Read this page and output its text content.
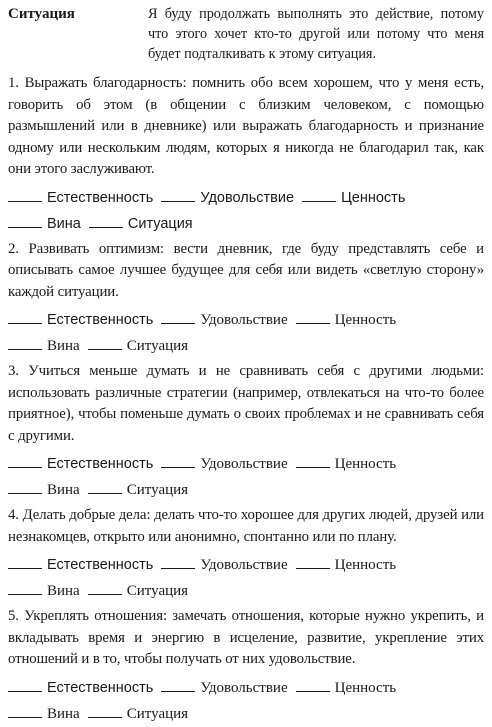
Ситуация	Я буду продолжать выполнять это действие, потому что этого хочет кто-то другой или потому что меня будет подталкивать к этому ситуация.

1. Выражать благодарность: помнить обо всем хорошем, что у меня есть, говорить об этом (в общении с близким человеком, с помощью размышлений или в дневнике) или выражать благодарность и признание одному или нескольким людям, которых я никогда не благодарил так, как они этого заслуживают.

Естественность	Удовольствие	Ценность
Вина	Ситуация

2. Развивать оптимизм: вести дневник, где буду представлять себе и описывать самое лучшее будущее для себя или видеть «светлую сторону» каждой ситуации.

Естественность	Удовольствие	Ценность
Вина	Ситуация

3. Учиться меньше думать и не сравнивать себя с другими людьми: использовать различные стратегии (например, отвлекаться на что-то более приятное), чтобы поменьше думать о своих проблемах и не сравнивать себя с другими.

Естественность	Удовольствие	Ценность
Вина	Ситуация

4. Делать добрые дела: делать что-то хорошее для других людей, друзей или незнакомцев, открыто или анонимно, спонтанно или по плану.

Естественность	Удовольствие	Ценность
Вина	Ситуация

5. Укреплять отношения: замечать отношения, которые нужно укрепить, и вкладывать время и энергию в исцеление, развитие, укрепление этих отношений и в то, чтобы получать от них удовольствие.

Естественность	Удовольствие	Ценность
Вина	Ситуация
